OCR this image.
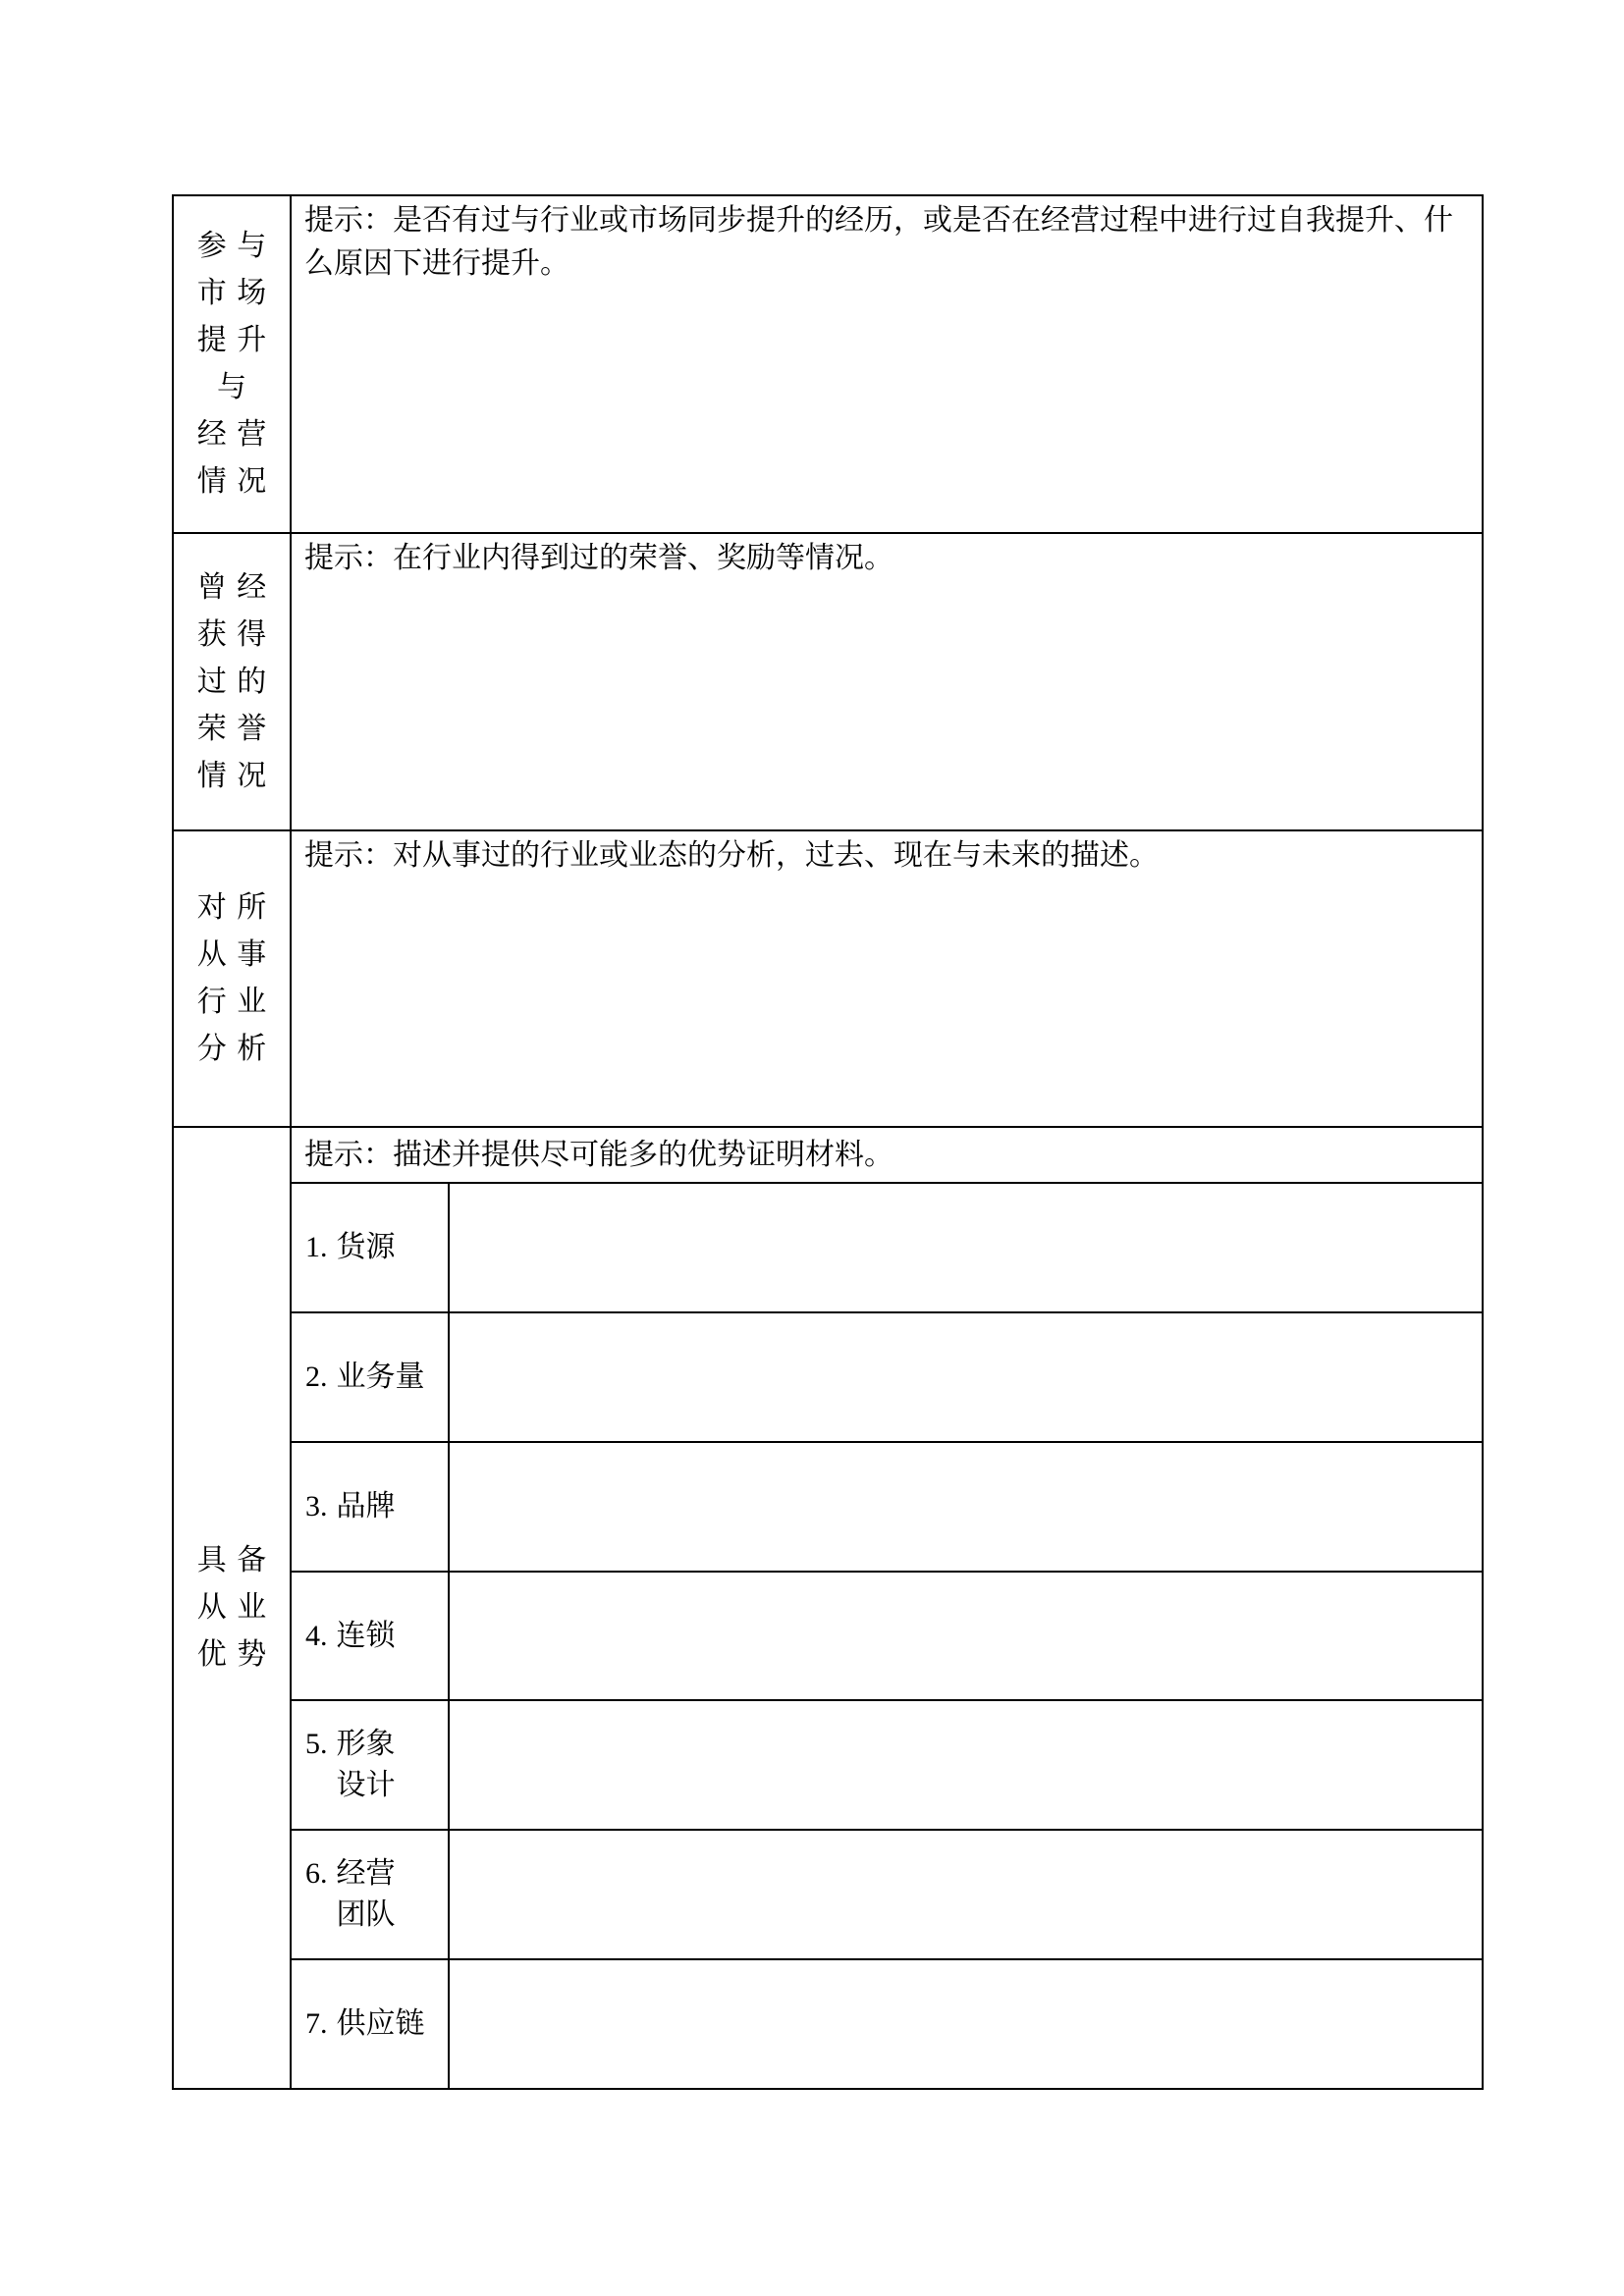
参与
市场
提升
与
经营
情况
提示：是否有过与行业或市场同步提升的经历，或是否在经营过程中进行过自我提升、什么原因下进行提升。
曾经
获得
过的
荣誉
情况
提示：在行业内得到过的荣誉、奖励等情况。
对所
从事
行业
分析
提示：对从事过的行业或业态的分析，过去、现在与未来的描述。
具备
从业
优势
提示：描述并提供尽可能多的优势证明材料。
1. 货源
2. 业务量
3. 品牌
4. 连锁
5. 形象
设计
6. 经营
团队
7. 供应链
